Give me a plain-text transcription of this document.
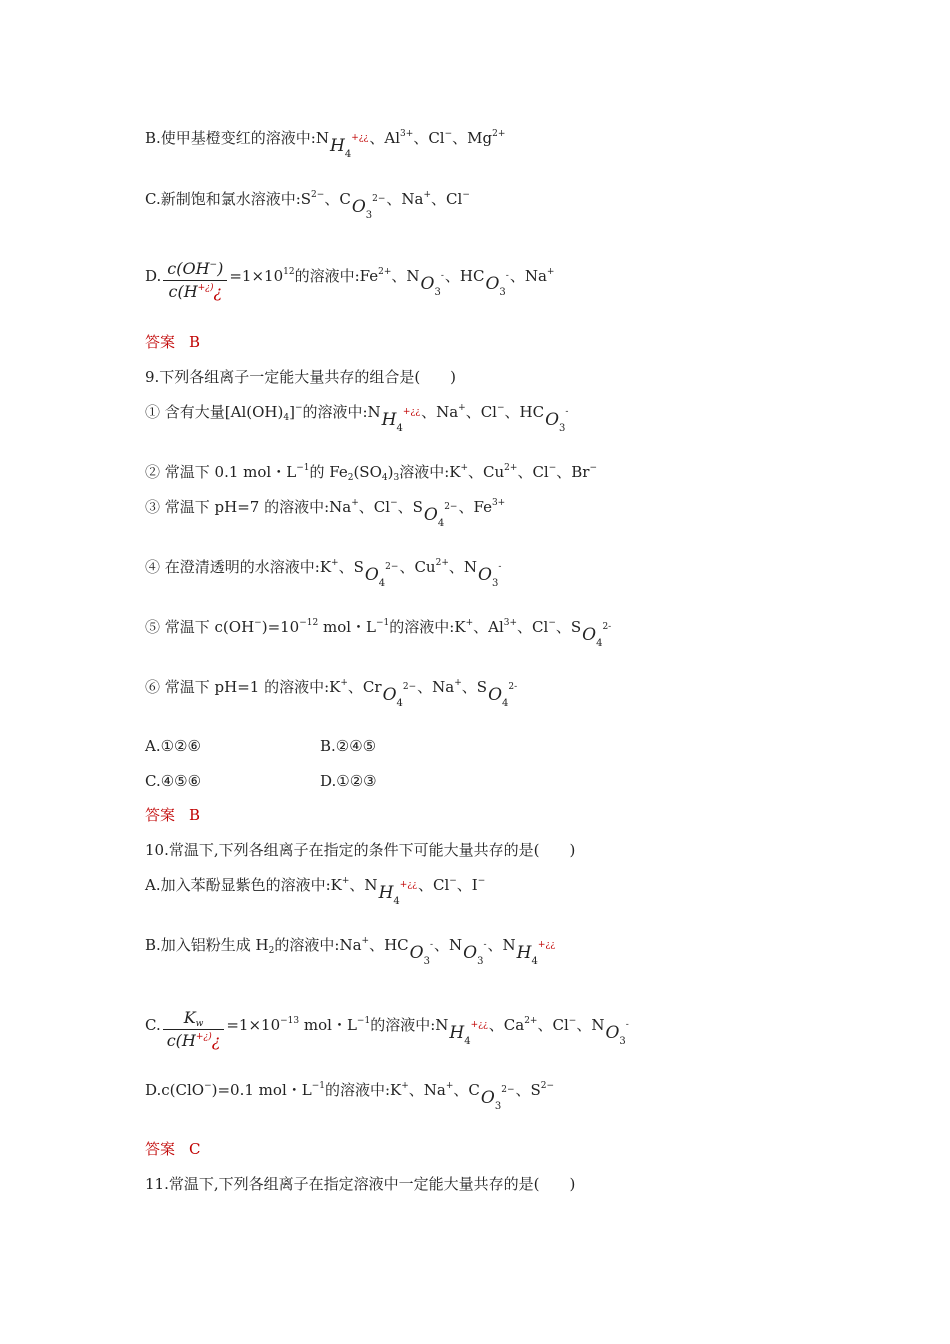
B.使甲基橙变红的溶液中$:NH_4^{+¿¿}$、$Al^{3+}$、Cl−、$Mg^{2+}$
C.新制饱和氯水溶液中$:S^{2-}$、$CO_3^{2-}$、Na+、Cl−
D. $\frac{c(OH^-)}{c(H^{+¿)}¿} =1\times 10^{12}$的溶液中$:Fe^{2+}$、$NO_3^-$、$HCO_3^-$、Na+
答案 B
9.下列各组离子一定能大量共存的组合是(　　)
① 含有大量$[Al(OH)_4]^-$的溶液中$:NH_4^{+¿¿}$、Na+、Cl−、$HCO_3^-$
② 常温下 0.1 mol・$L^{-1}$的 $Fe_2(SO_4)_3$溶液中:K+、$Cu^{2+}$、Cl−、Br−
③ 常温下 pH=7 的溶液中:Na+、Cl−、$SO_4^{2-}$、$Fe^{3+}$
④ 在澄清透明的水溶液中:K+、$SO_4^{2-}$、$Cu^{2+}$、$NO_3^-$
⑤ 常温下 $c(OH^-)=10^{-12}$ mol・$L^{-1}$的溶液中:K+、$Al^{3+}$、Cl−、$SO_4^{2-}$
⑥ 常温下 pH=1 的溶液中:K+、CrO$_4^{2-}$、Na+、$SO_4^{2-}$
A.①②⑥	B.②④⑤
C.④⑤⑥	D.①②③
答案 B
10.常温下,下列各组离子在指定的条件下可能大量共存的是(　　)
A.加入苯酚显紫色的溶液中:K+、$NH_4^{+¿¿}$、Cl−、I−
B.加入铝粉生成 $H_2$的溶液中:Na+、$HCO_3^-$、$NO_3^-$、$NH_4^{+¿¿}$
C. $\frac{K_w}{c(H^{+¿)}¿} =1\times 10^{-13}$ mol・$L^{-1}$的溶液中$:NH_4^{+¿¿}$、$Ca^{2+}$、Cl−、$NO_3^-$
D.c(ClO−)=0.1 mol・$L^{-1}$的溶液中:K+、Na+、$CO_3^{2-}$、$S^{2-}$
答案 C
11.常温下,下列各组离子在指定溶液中一定能大量共存的是(　　)
